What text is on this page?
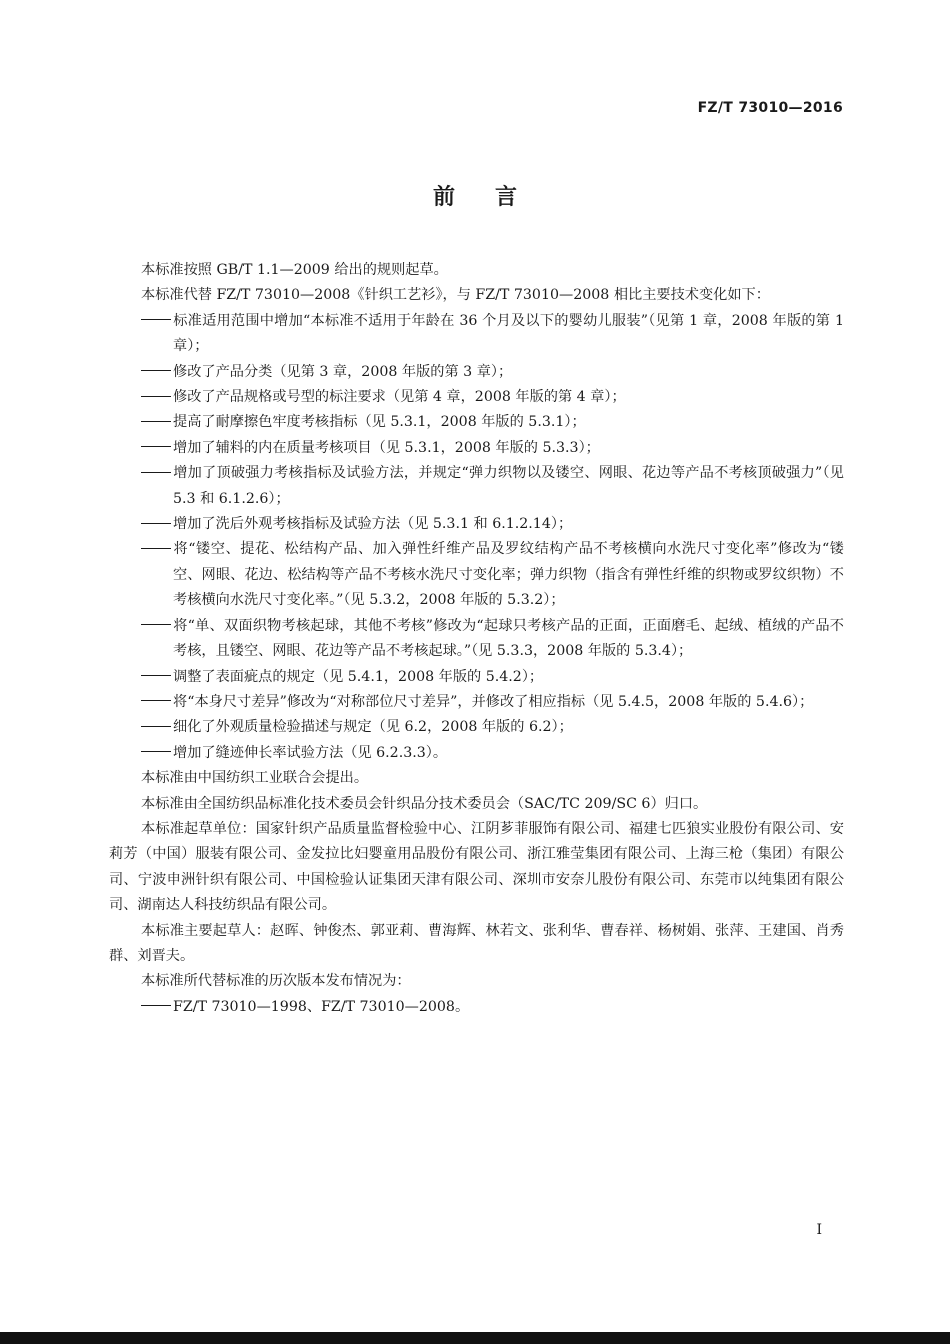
FZ/T 73010—2016
前言

本标准按照 GB/T 1.1—2009 给出的规则起草。

本标准代替 FZ/T 73010—2008《针织工艺衫》，与 FZ/T 73010—2008 相比主要技术变化如下：

标准适用范围中增加“本标准不适用于年龄在 36 个月及以下的婴幼儿服装”（见第 1 章，2008 年版的第 1 章）；

修改了产品分类（见第 3 章，2008 年版的第 3 章）；

修改了产品规格或号型的标注要求（见第 4 章，2008 年版的第 4 章）；

提高了耐摩擦色牢度考核指标（见 5.3.1，2008 年版的 5.3.1）；

增加了辅料的内在质量考核项目（见 5.3.1，2008 年版的 5.3.3）；

增加了顶破强力考核指标及试验方法，并规定“弹力织物以及镂空、网眼、花边等产品不考核顶破强力”（见 5.3 和 6.1.2.6）；

增加了洗后外观考核指标及试验方法（见 5.3.1 和 6.1.2.14）；

将“镂空、提花、松结构产品、加入弹性纤维产品及罗纹结构产品不考核横向水洗尺寸变化率”修改为“镂空、网眼、花边、松结构等产品不考核水洗尺寸变化率；弹力织物（指含有弹性纤维的织物或罗纹织物）不考核横向水洗尺寸变化率。”（见 5.3.2，2008 年版的 5.3.2）；

将“单、双面织物考核起球，其他不考核”修改为“起球只考核产品的正面，正面磨毛、起绒、植绒的产品不考核，且镂空、网眼、花边等产品不考核起球。”（见 5.3.3，2008 年版的 5.3.4）；

调整了表面疵点的规定（见 5.4.1，2008 年版的 5.4.2）；

将“本身尺寸差异”修改为“对称部位尺寸差异”，并修改了相应指标（见 5.4.5，2008 年版的 5.4.6）；

细化了外观质量检验描述与规定（见 6.2，2008 年版的 6.2）；

增加了缝迹伸长率试验方法（见 6.2.3.3）。

本标准由中国纺织工业联合会提出。

本标准由全国纺织品标准化技术委员会针织品分技术委员会（SAC/TC 209/SC 6）归口。

本标准起草单位：国家针织产品质量监督检验中心、江阴芗菲服饰有限公司、福建七匹狼实业股份有限公司、安莉芳（中国）服装有限公司、金发拉比妇婴童用品股份有限公司、浙江雅莹集团有限公司、上海三枪（集团）有限公司、宁波申洲针织有限公司、中国检验认证集团天津有限公司、深圳市安奈儿股份有限公司、东莞市以纯集团有限公司、湖南达人科技纺织品有限公司。

本标准主要起草人：赵晖、钟俊杰、郭亚莉、曹海辉、林若文、张利华、曹春祥、杨树娟、张萍、王建国、肖秀群、刘晋夫。

本标准所代替标准的历次版本发布情况为：

FZ/T 73010—1998、FZ/T 73010—2008。

I
